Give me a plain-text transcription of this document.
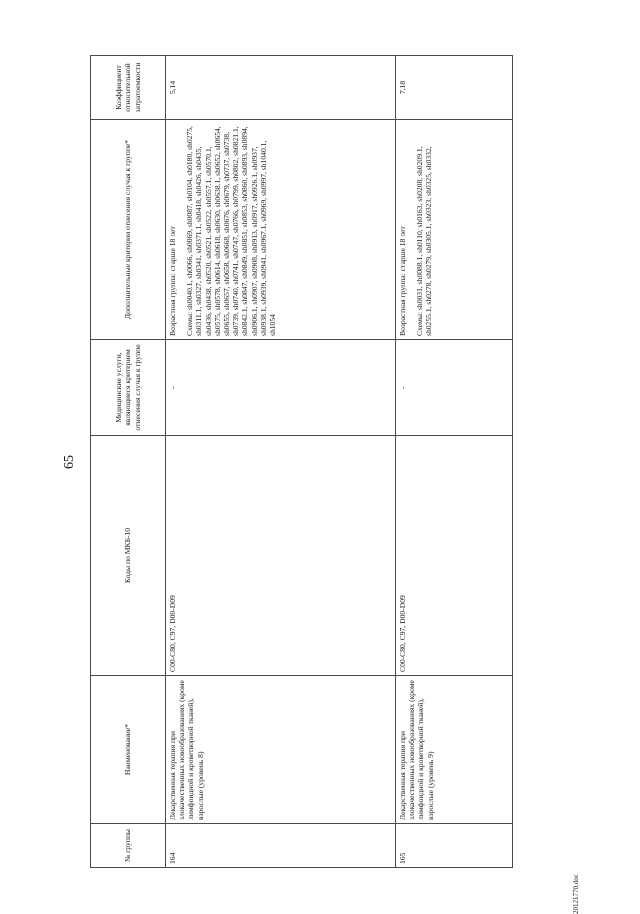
65
№ группы	Наименование*	Коды по МКБ-10	Медицинские услуги, являющиеся критерием отнесения случая к группе	Дополнительные критерии отнесения случая к группе*	Коэффициент относительной затратоемкости
164	Лекарственная терапия при злокачественных новообразованиях (кроме лимфоидной и кроветворной тканей), взрослые (уровень 8)	C00-C80, C97, D00-D09	-	Возрастная группа: старше 18 лет Схемы: sh0040.1, sh0066, sh0069, sh0087, sh0104, sh0180, sh0275, sh0311.1, sh0327, sh0341, sh0371.1, sh0418, sh0426, sh0435, sh0436, sh0438, sh0520, sh0521, sh0522, sh0557.1, sh0570.1, sh0575, sh0578, sh0614, sh0618, sh0630, sh0638.1, sh0652, sh0654, sh0655, sh0657, sh0658, sh0668, sh0676, sh0679, sh0737, sh0738, sh0739, sh0740, sh0741, sh0747, sh0766, sh0799, sh0802, sh0821.1, sh0842.1, sh0847, sh0849, sh0851, sh0853, sh0860, sh0893, sh0894, sh0906.1, sh0907, sh0908, sh0913, sh0917, sh0926.1, sh0937, sh0938.1, sh0939, sh0941, sh0967.1, sh0969, sh0997, sh1040.1, sh1054	5,14
165	Лекарственная терапия при злокачественных новообразованиях (кроме лимфоидной и кроветворной тканей), взрослые (уровень 9)	C00-C80, C97, D00-D09	-	Возрастная группа: старше 18 лет Схемы: sh0031, sh0088.1, sh0110, sh0163, sh0208, sh0209.1, sh0255.1, sh0278, sh0279, sh0305.1, sh0323, sh0325, sh0332,	7,18
20121770.doc
